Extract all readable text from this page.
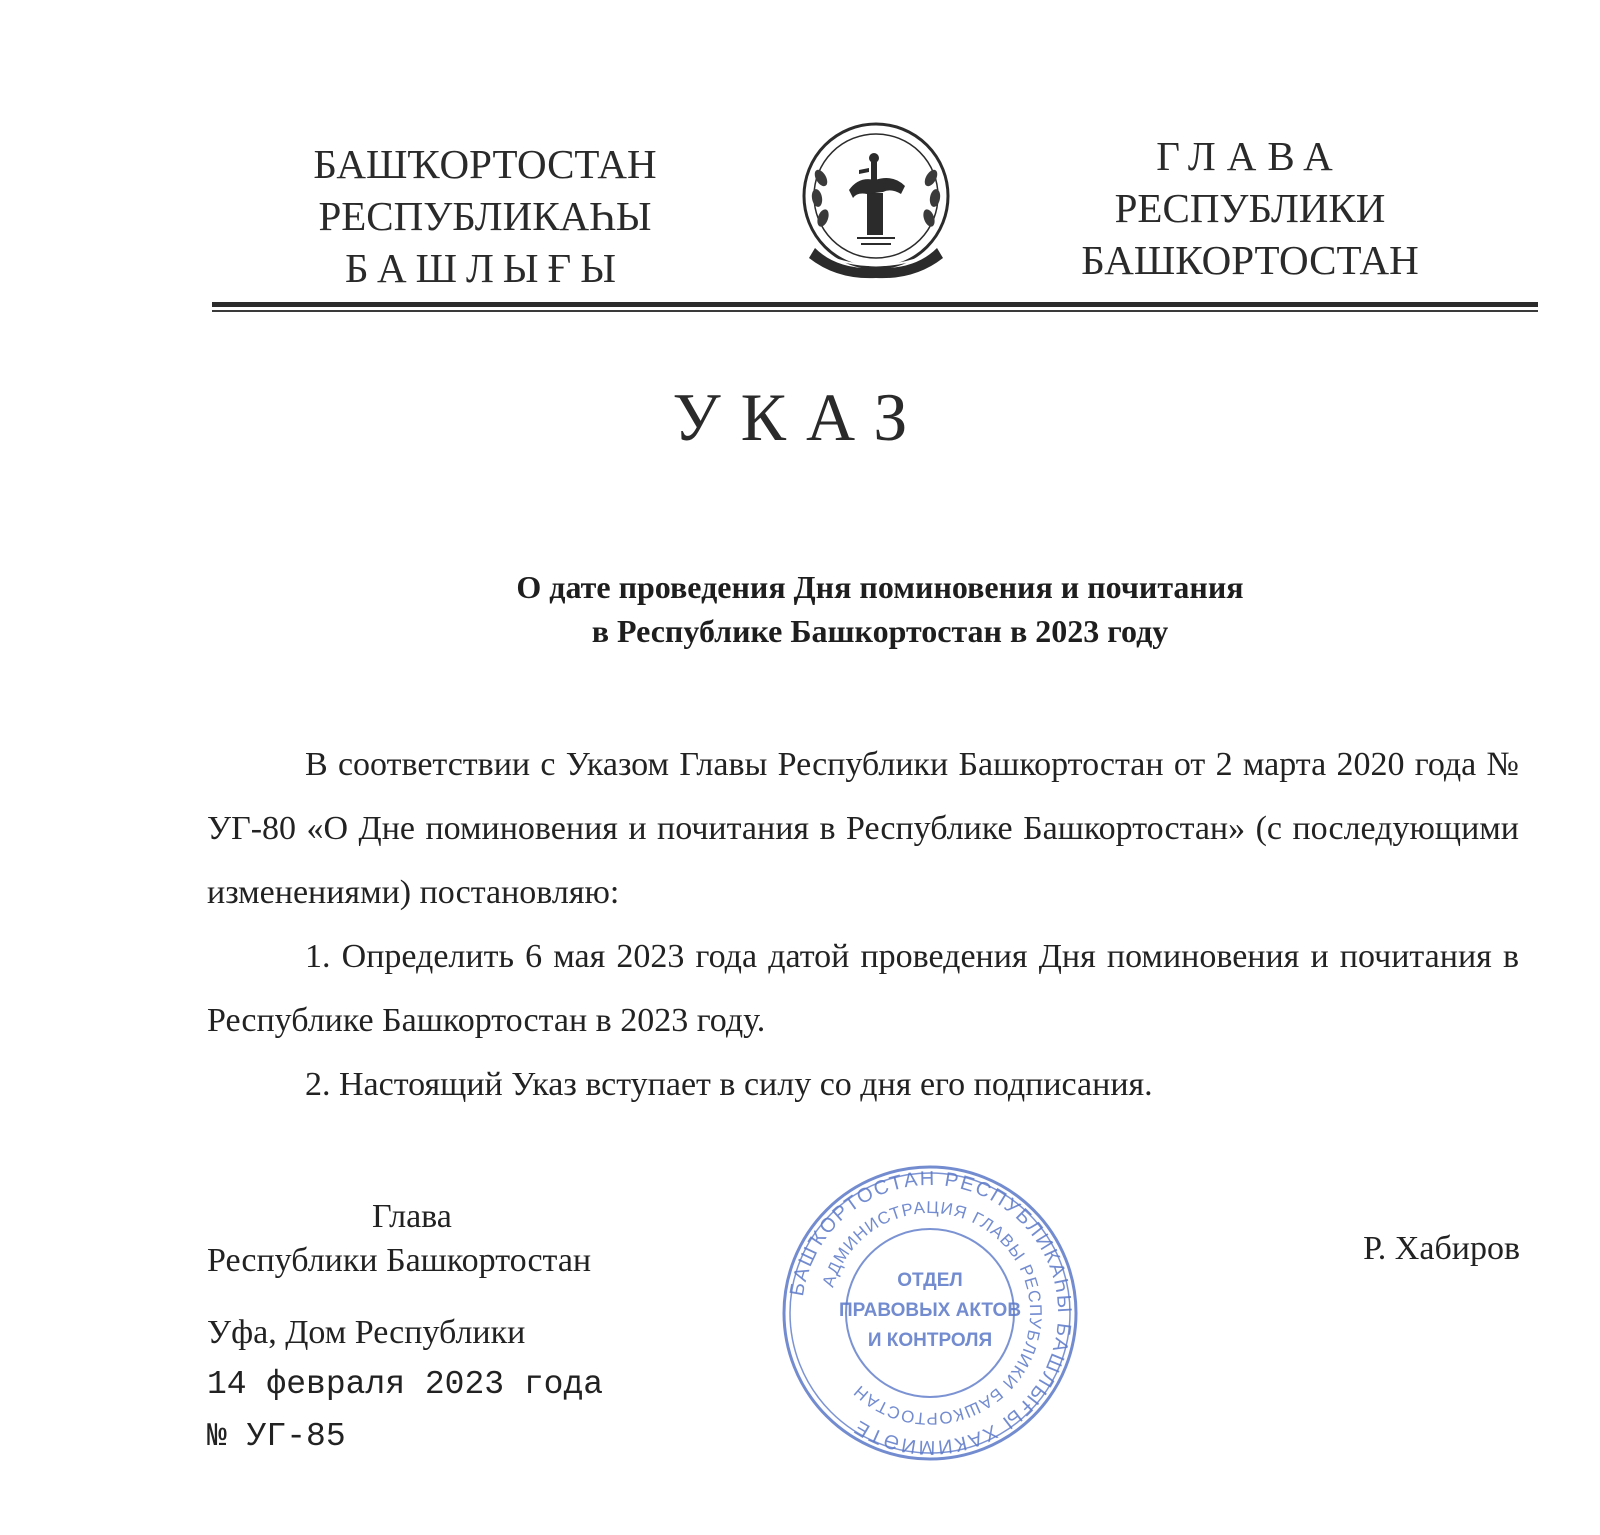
БАШҠОРТОСТАН
РЕСПУБЛИКАҺЫ
БАШЛЫҒЫ
ГЛАВА
РЕСПУБЛИКИ
БАШКОРТОСТАН
УКАЗ
О дате проведения Дня поминовения и почитания
в Республике Башкортостан в 2023 году

В соответствии с Указом Главы Республики Башкортостан от 2 марта 2020 года № УГ-80 «О Дне поминовения и почитания в Республике Башкортостан» (с последующими изменениями) постановляю:

1. Определить 6 мая 2023 года датой проведения Дня поминовения и почитания в Республике Башкортостан в 2023 году.

2. Настоящий Указ вступает в силу со дня его подписания.

Глава
Республики Башкортостан
БАШҠОРТОСТАН РЕСПУБЛИКАҺЫ БАШЛЫҒЫ ХАКИМИӘТЕ
АДМИНИСТРАЦИЯ ГЛАВЫ РЕСПУБЛИКИ БАШКОРТОСТАН
ОТДЕЛ
ПРАВОВЫХ АКТОВ
И КОНТРОЛЯ
Р. Хабиров
Уфа, Дом Республики
14 февраля 2023 года
№ УГ-85
